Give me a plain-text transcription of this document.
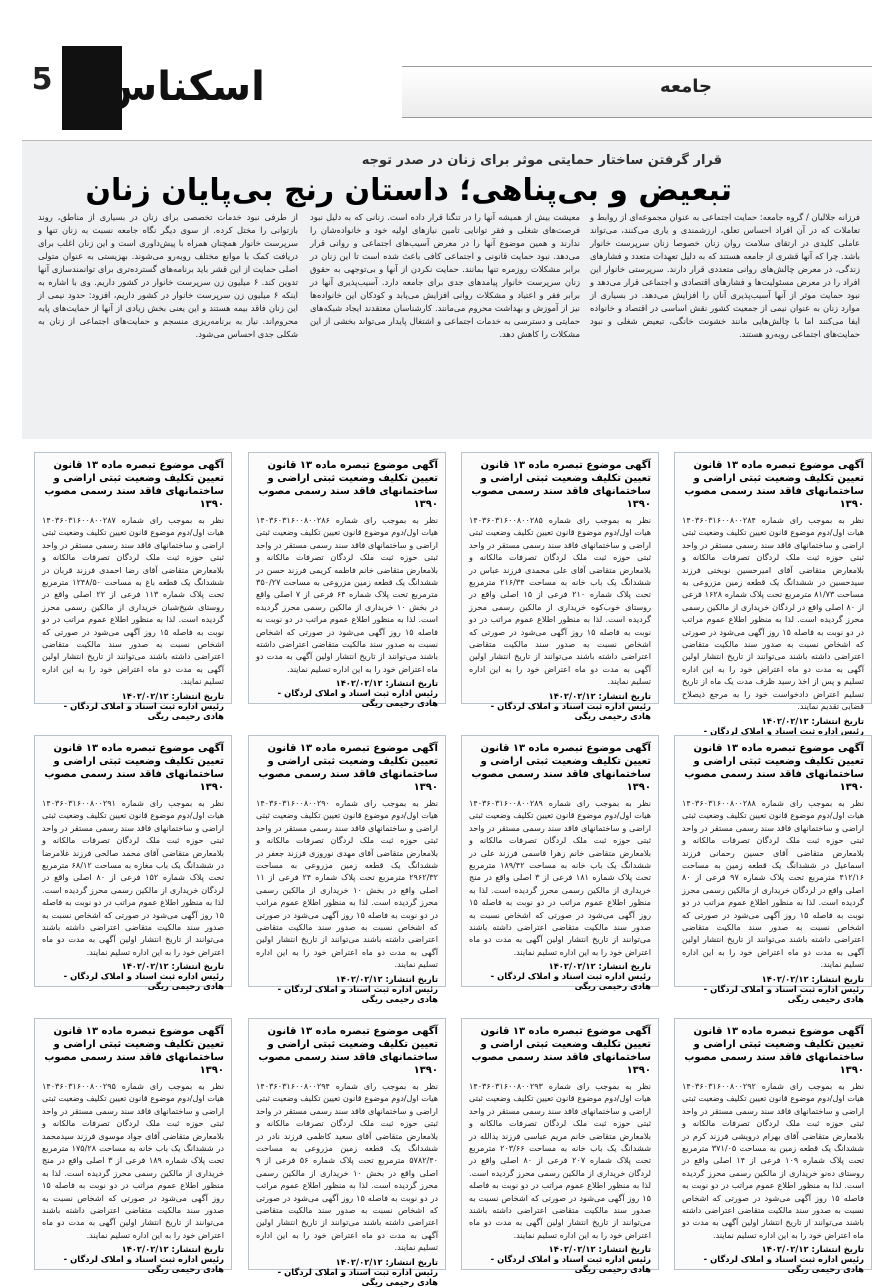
5 اسکناس	جامعه
قرار گرفتن ساختار حمایتی موثر برای زنان در صدر توجه
تبعیض و بی‌پناهی؛ داستان رنج بی‌پایان زنان
فرزانه جلالیان / گروه جامعه: حمایت اجتماعی به عنوان مجموعه‌ای از روابط و تعاملات که در آن افراد احساس تعلق، ارزشمندی و یاری می‌کنند، می‌تواند عاملی کلیدی در ارتقای سلامت روان زنان خصوصا زنان سرپرست خانوار باشد. چرا که آنها قشری از جامعه هستند که به دلیل تعهدات متعدد و فشارهای زندگی، در معرض چالش‌های روانی متعددی قرار دارند. سرپرستی خانوار این افراد را در معرض مسئولیت‌ها و فشارهای اقتصادی و اجتماعی قرار می‌دهد و نبود حمایت موثر از آنها آسیب‌پذیری آنان را افزایش می‌دهد. در بسیاری از موارد زنان به عنوان نیمی از جمعیت کشور نقش اساسی در اقتصاد و خانواده ایفا می‌کنند اما با چالش‌هایی مانند خشونت خانگی، تبعیض شغلی و نبود حمایت‌های اجتماعی روبه‌رو هستند.
معیشت بیش از همیشه آنها را در تنگنا قرار داده است. زنانی که به دلیل نبود فرصت‌های شغلی و فقر توانایی تامین نیازهای اولیه خود و خانواده‌شان را ندارند و همین موضوع آنها را در معرض آسیب‌های اجتماعی و روانی قرار می‌دهد. نبود حمایت قانونی و اجتماعی کافی باعث شده است تا این زنان در برابر مشکلات روزمره تنها بمانند. حمایت نکردن از آنها و بی‌توجهی به حقوق زنان سرپرست خانوار پیامدهای جدی برای جامعه دارد. آسیب‌پذیری آنها در برابر فقر و اعتیاد و مشکلات روانی افزایش می‌یابد و کودکان این خانواده‌ها نیز از آموزش و بهداشت محروم می‌مانند. کارشناسان معتقدند ایجاد شبکه‌های حمایتی و دسترسی به خدمات اجتماعی و اشتغال پایدار می‌تواند بخشی از این مشکلات را کاهش دهد.
از طرفی نبود خدمات تخصصی برای زنان در بسیاری از مناطق، روند بازتوانی را مختل کرده. از سوی دیگر نگاه جامعه نسبت به زنان تنها و سرپرست خانوار همچنان همراه با پیش‌داوری است و این زنان اغلب برای دریافت کمک با موانع مختلف روبه‌رو می‌شوند. بهزیستی به عنوان متولی اصلی حمایت از این قشر باید برنامه‌های گسترده‌تری برای توانمندسازی آنها تدوین کند. ۶ میلیون زن سرپرست خانوار در کشور داریم. وی با اشاره به اینکه ۶ میلیون زن سرپرست خانوار در کشور داریم، افزود: حدود نیمی از این زنان فاقد بیمه هستند و این یعنی بخش زیادی از آنها از حمایت‌های پایه محروم‌اند. نیاز به برنامه‌ریزی منسجم و حمایت‌های اجتماعی از زنان به شکلی جدی احساس می‌شود.
آگهی موضوع تبصره ماده ۱۳ قانون تعیین تکلیف وضعیت ثبتی اراضی و ساختمانهای فاقد سند رسمی مصوب ۱۳۹۰
نظر به بموجب رای شماره ۱۴۰۳۶۰۳۱۶۰۰۸۰۰۲۸۴ هیات اول/دوم موضوع قانون تعیین تکلیف وضعیت ثبتی اراضی و ساختمانهای فاقد سند رسمی مستقر در واحد ثبتی حوزه ثبت ملک لردگان تصرفات مالکانه و بلامعارض متقاضی آقای امیرحسین نوبختی فرزند سیدحسین در ششدانگ یک قطعه زمین مزروعی به مساحت ۸۱/۷۳ مترمربع تحت پلاک شماره ۱۶۲۸ فرعی از ۸۰ اصلی واقع در لردگان خریداری از مالکین رسمی محرز گردیده است. لذا به منظور اطلاع عموم مراتب در دو نوبت به فاصله ۱۵ روز آگهی می‌شود در صورتی که اشخاص نسبت به صدور سند مالکیت متقاضی اعتراضی داشته باشند می‌توانند از تاریخ انتشار اولین آگهی به مدت دو ماه اعتراض خود را به این اداره تسلیم و پس از اخذ رسید ظرف مدت یک ماه از تاریخ تسلیم اعتراض دادخواست خود را به مرجع ذیصلاح قضایی تقدیم نمایند.
تاریخ انتشار: ۱۴۰۲/۰۲/۱۲
رئیس اداره ثبت اسناد و املاک لردگان -
آگهی موضوع تبصره ماده ۱۳ قانون تعیین تکلیف وضعیت ثبتی اراضی و ساختمانهای فاقد سند رسمی مصوب ۱۳۹۰
نظر به بموجب رای شماره ۱۴۰۳۶۰۳۱۶۰۰۸۰۰۲۸۵ هیات اول/دوم موضوع قانون تعیین تکلیف وضعیت ثبتی اراضی و ساختمانهای فاقد سند رسمی مستقر در واحد ثبتی حوزه ثبت ملک لردگان تصرفات مالکانه و بلامعارض متقاضی آقای علی محمدی فرزند عباس در ششدانگ یک باب خانه به مساحت ۲۱۶/۳۴ مترمربع تحت پلاک شماره ۲۱۰ فرعی از ۱۵ اصلی واقع در روستای خوب‌کوه خریداری از مالکین رسمی محرز گردیده است. لذا به منظور اطلاع عموم مراتب در دو نوبت به فاصله ۱۵ روز آگهی می‌شود در صورتی که اشخاص نسبت به صدور سند مالکیت متقاضی اعتراضی داشته باشند می‌توانند از تاریخ انتشار اولین آگهی به مدت دو ماه اعتراض خود را به این اداره تسلیم نمایند.
تاریخ انتشار: ۱۴۰۲/۰۲/۱۲
رئیس اداره ثبت اسناد و املاک لردگان - هادی رحیمی ریگی
آگهی موضوع تبصره ماده ۱۳ قانون تعیین تکلیف وضعیت ثبتی اراضی و ساختمانهای فاقد سند رسمی مصوب ۱۳۹۰
نظر به بموجب رای شماره ۱۴۰۳۶۰۳۱۶۰۰۸۰۰۲۸۶ هیات اول/دوم موضوع قانون تعیین تکلیف وضعیت ثبتی اراضی و ساختمانهای فاقد سند رسمی مستقر در واحد ثبتی حوزه ثبت ملک لردگان تصرفات مالکانه و بلامعارض متقاضی خانم فاطمه کریمی فرزند حسن در ششدانگ یک قطعه زمین مزروعی به مساحت ۳۵۰/۲۷ مترمربع تحت پلاک شماره ۶۴ فرعی از ۷ اصلی واقع در بخش ۱۰ خریداری از مالکین رسمی محرز گردیده است. لذا به منظور اطلاع عموم مراتب در دو نوبت به فاصله ۱۵ روز آگهی می‌شود در صورتی که اشخاص نسبت به صدور سند مالکیت متقاضی اعتراضی داشته باشند می‌توانند از تاریخ انتشار اولین آگهی به مدت دو ماه اعتراض خود را به این اداره تسلیم نمایند.
تاریخ انتشار: ۱۴۰۲/۰۲/۱۲
رئیس اداره ثبت اسناد و املاک لردگان - هادی رحیمی ریگی
آگهی موضوع تبصره ماده ۱۳ قانون تعیین تکلیف وضعیت ثبتی اراضی و ساختمانهای فاقد سند رسمی مصوب ۱۳۹۰
نظر به بموجب رای شماره ۱۴۰۳۶۰۳۱۶۰۰۸۰۰۲۸۷ هیات اول/دوم موضوع قانون تعیین تکلیف وضعیت ثبتی اراضی و ساختمانهای فاقد سند رسمی مستقر در واحد ثبتی حوزه ثبت ملک لردگان تصرفات مالکانه و بلامعارض متقاضی آقای رضا احمدی فرزند قربان در ششدانگ یک قطعه باغ به مساحت ۱۲۴۸/۵۰ مترمربع تحت پلاک شماره ۱۱۳ فرعی از ۲۲ اصلی واقع در روستای شیخ‌شبان خریداری از مالکین رسمی محرز گردیده است. لذا به منظور اطلاع عموم مراتب در دو نوبت به فاصله ۱۵ روز آگهی می‌شود در صورتی که اشخاص نسبت به صدور سند مالکیت متقاضی اعتراضی داشته باشند می‌توانند از تاریخ انتشار اولین آگهی به مدت دو ماه اعتراض خود را به این اداره تسلیم نمایند.
تاریخ انتشار: ۱۴۰۲/۰۲/۱۲
رئیس اداره ثبت اسناد و املاک لردگان - هادی رحیمی ریگی
آگهی موضوع تبصره ماده ۱۳ قانون تعیین تکلیف وضعیت ثبتی اراضی و ساختمانهای فاقد سند رسمی مصوب ۱۳۹۰
نظر به بموجب رای شماره ۱۴۰۳۶۰۳۱۶۰۰۸۰۰۲۸۸ هیات اول/دوم موضوع قانون تعیین تکلیف وضعیت ثبتی اراضی و ساختمانهای فاقد سند رسمی مستقر در واحد ثبتی حوزه ثبت ملک لردگان تصرفات مالکانه و بلامعارض متقاضی آقای حسین رحمانی فرزند اسماعیل در ششدانگ یک قطعه زمین به مساحت ۴۱۲/۱۶ مترمربع تحت پلاک شماره ۹۷ فرعی از ۸۰ اصلی واقع در لردگان خریداری از مالکین رسمی محرز گردیده است. لذا به منظور اطلاع عموم مراتب در دو نوبت به فاصله ۱۵ روز آگهی می‌شود در صورتی که اشخاص نسبت به صدور سند مالکیت متقاضی اعتراضی داشته باشند می‌توانند از تاریخ انتشار اولین آگهی به مدت دو ماه اعتراض خود را به این اداره تسلیم نمایند.
تاریخ انتشار: ۱۴۰۲/۰۲/۱۲
رئیس اداره ثبت اسناد و املاک لردگان - هادی رحیمی ریگی
آگهی موضوع تبصره ماده ۱۳ قانون تعیین تکلیف وضعیت ثبتی اراضی و ساختمانهای فاقد سند رسمی مصوب ۱۳۹۰
نظر به بموجب رای شماره ۱۴۰۳۶۰۳۱۶۰۰۸۰۰۲۸۹ هیات اول/دوم موضوع قانون تعیین تکلیف وضعیت ثبتی اراضی و ساختمانهای فاقد سند رسمی مستقر در واحد ثبتی حوزه ثبت ملک لردگان تصرفات مالکانه و بلامعارض متقاضی خانم زهرا قاسمی فرزند علی در ششدانگ یک باب خانه به مساحت ۱۸۹/۴۲ مترمربع تحت پلاک شماره ۱۸۱ فرعی از ۳ اصلی واقع در منج خریداری از مالکین رسمی محرز گردیده است. لذا به منظور اطلاع عموم مراتب در دو نوبت به فاصله ۱۵ روز آگهی می‌شود در صورتی که اشخاص نسبت به صدور سند مالکیت متقاضی اعتراضی داشته باشند می‌توانند از تاریخ انتشار اولین آگهی به مدت دو ماه اعتراض خود را به این اداره تسلیم نمایند.
تاریخ انتشار: ۱۴۰۲/۰۲/۱۲
رئیس اداره ثبت اسناد و املاک لردگان - هادی رحیمی ریگی
آگهی موضوع تبصره ماده ۱۳ قانون تعیین تکلیف وضعیت ثبتی اراضی و ساختمانهای فاقد سند رسمی مصوب ۱۳۹۰
نظر به بموجب رای شماره ۱۴۰۳۶۰۳۱۶۰۰۸۰۰۲۹۰ هیات اول/دوم موضوع قانون تعیین تکلیف وضعیت ثبتی اراضی و ساختمانهای فاقد سند رسمی مستقر در واحد ثبتی حوزه ثبت ملک لردگان تصرفات مالکانه و بلامعارض متقاضی آقای مهدی نوروزی فرزند جعفر در ششدانگ یک قطعه زمین مزروعی به مساحت ۲۹۶۲/۳۲ مترمربع تحت پلاک شماره ۲۴ فرعی از ۱۱ اصلی واقع در بخش ۱۰ خریداری از مالکین رسمی محرز گردیده است. لذا به منظور اطلاع عموم مراتب در دو نوبت به فاصله ۱۵ روز آگهی می‌شود در صورتی که اشخاص نسبت به صدور سند مالکیت متقاضی اعتراضی داشته باشند می‌توانند از تاریخ انتشار اولین آگهی به مدت دو ماه اعتراض خود را به این اداره تسلیم نمایند.
تاریخ انتشار: ۱۴۰۲/۰۲/۱۲
رئیس اداره ثبت اسناد و املاک لردگان - هادی رحیمی ریگی
آگهی موضوع تبصره ماده ۱۳ قانون تعیین تکلیف وضعیت ثبتی اراضی و ساختمانهای فاقد سند رسمی مصوب ۱۳۹۰
نظر به بموجب رای شماره ۱۴۰۳۶۰۳۱۶۰۰۸۰۰۲۹۱ هیات اول/دوم موضوع قانون تعیین تکلیف وضعیت ثبتی اراضی و ساختمانهای فاقد سند رسمی مستقر در واحد ثبتی حوزه ثبت ملک لردگان تصرفات مالکانه و بلامعارض متقاضی آقای محمد صالحی فرزند غلامرضا در ششدانگ یک باب مغازه به مساحت ۶۸/۱۲ مترمربع تحت پلاک شماره ۱۵۲ فرعی از ۸۰ اصلی واقع در لردگان خریداری از مالکین رسمی محرز گردیده است. لذا به منظور اطلاع عموم مراتب در دو نوبت به فاصله ۱۵ روز آگهی می‌شود در صورتی که اشخاص نسبت به صدور سند مالکیت متقاضی اعتراضی داشته باشند می‌توانند از تاریخ انتشار اولین آگهی به مدت دو ماه اعتراض خود را به این اداره تسلیم نمایند.
تاریخ انتشار: ۱۴۰۲/۰۲/۱۲
رئیس اداره ثبت اسناد و املاک لردگان - هادی رحیمی ریگی
آگهی موضوع تبصره ماده ۱۳ قانون تعیین تکلیف وضعیت ثبتی اراضی و ساختمانهای فاقد سند رسمی مصوب ۱۳۹۰
نظر به بموجب رای شماره ۱۴۰۳۶۰۳۱۶۰۰۸۰۰۲۹۲ هیات اول/دوم موضوع قانون تعیین تکلیف وضعیت ثبتی اراضی و ساختمانهای فاقد سند رسمی مستقر در واحد ثبتی حوزه ثبت ملک لردگان تصرفات مالکانه و بلامعارض متقاضی آقای بهرام درویشی فرزند کرم در ششدانگ یک قطعه زمین به مساحت ۳۷۱/۰۵ مترمربع تحت پلاک شماره ۱۰۹ فرعی از ۱۴ اصلی واقع در روستای ده‌نو خریداری از مالکین رسمی محرز گردیده است. لذا به منظور اطلاع عموم مراتب در دو نوبت به فاصله ۱۵ روز آگهی می‌شود در صورتی که اشخاص نسبت به صدور سند مالکیت متقاضی اعتراضی داشته باشند می‌توانند از تاریخ انتشار اولین آگهی به مدت دو ماه اعتراض خود را به این اداره تسلیم نمایند.
تاریخ انتشار: ۱۴۰۲/۰۲/۱۲
رئیس اداره ثبت اسناد و املاک لردگان - هادی رحیمی ریگی
آگهی موضوع تبصره ماده ۱۳ قانون تعیین تکلیف وضعیت ثبتی اراضی و ساختمانهای فاقد سند رسمی مصوب ۱۳۹۰
نظر به بموجب رای شماره ۱۴۰۳۶۰۳۱۶۰۰۸۰۰۲۹۳ هیات اول/دوم موضوع قانون تعیین تکلیف وضعیت ثبتی اراضی و ساختمانهای فاقد سند رسمی مستقر در واحد ثبتی حوزه ثبت ملک لردگان تصرفات مالکانه و بلامعارض متقاضی خانم مریم عباسی فرزند یدالله در ششدانگ یک باب خانه به مساحت ۲۰۳/۶۶ مترمربع تحت پلاک شماره ۲۰۷ فرعی از ۸۰ اصلی واقع در لردگان خریداری از مالکین رسمی محرز گردیده است. لذا به منظور اطلاع عموم مراتب در دو نوبت به فاصله ۱۵ روز آگهی می‌شود در صورتی که اشخاص نسبت به صدور سند مالکیت متقاضی اعتراضی داشته باشند می‌توانند از تاریخ انتشار اولین آگهی به مدت دو ماه اعتراض خود را به این اداره تسلیم نمایند.
تاریخ انتشار: ۱۴۰۲/۰۲/۱۲
رئیس اداره ثبت اسناد و املاک لردگان - هادی رحیمی ریگی
آگهی موضوع تبصره ماده ۱۳ قانون تعیین تکلیف وضعیت ثبتی اراضی و ساختمانهای فاقد سند رسمی مصوب ۱۳۹۰
نظر به بموجب رای شماره ۱۴۰۳۶۰۳۱۶۰۰۸۰۰۲۹۴ هیات اول/دوم موضوع قانون تعیین تکلیف وضعیت ثبتی اراضی و ساختمانهای فاقد سند رسمی مستقر در واحد ثبتی حوزه ثبت ملک لردگان تصرفات مالکانه و بلامعارض متقاضی آقای سعید کاظمی فرزند نادر در ششدانگ یک قطعه زمین مزروعی به مساحت ۵۷۸۲/۴۰ مترمربع تحت پلاک شماره ۵۶ فرعی از ۹ اصلی واقع در بخش ۱۰ خریداری از مالکین رسمی محرز گردیده است. لذا به منظور اطلاع عموم مراتب در دو نوبت به فاصله ۱۵ روز آگهی می‌شود در صورتی که اشخاص نسبت به صدور سند مالکیت متقاضی اعتراضی داشته باشند می‌توانند از تاریخ انتشار اولین آگهی به مدت دو ماه اعتراض خود را به این اداره تسلیم نمایند.
تاریخ انتشار: ۱۴۰۲/۰۲/۱۲
رئیس اداره ثبت اسناد و املاک لردگان - هادی رحیمی ریگی
آگهی موضوع تبصره ماده ۱۳ قانون تعیین تکلیف وضعیت ثبتی اراضی و ساختمانهای فاقد سند رسمی مصوب ۱۳۹۰
نظر به بموجب رای شماره ۱۴۰۳۶۰۳۱۶۰۰۸۰۰۲۹۵ هیات اول/دوم موضوع قانون تعیین تکلیف وضعیت ثبتی اراضی و ساختمانهای فاقد سند رسمی مستقر در واحد ثبتی حوزه ثبت ملک لردگان تصرفات مالکانه و بلامعارض متقاضی آقای جواد موسوی فرزند سیدمحمد در ششدانگ یک باب خانه به مساحت ۱۷۵/۲۸ مترمربع تحت پلاک شماره ۱۸۹ فرعی از ۳ اصلی واقع در منج خریداری از مالکین رسمی محرز گردیده است. لذا به منظور اطلاع عموم مراتب در دو نوبت به فاصله ۱۵ روز آگهی می‌شود در صورتی که اشخاص نسبت به صدور سند مالکیت متقاضی اعتراضی داشته باشند می‌توانند از تاریخ انتشار اولین آگهی به مدت دو ماه اعتراض خود را به این اداره تسلیم نمایند.
تاریخ انتشار: ۱۴۰۲/۰۲/۱۲
رئیس اداره ثبت اسناد و املاک لردگان - هادی رحیمی ریگی
